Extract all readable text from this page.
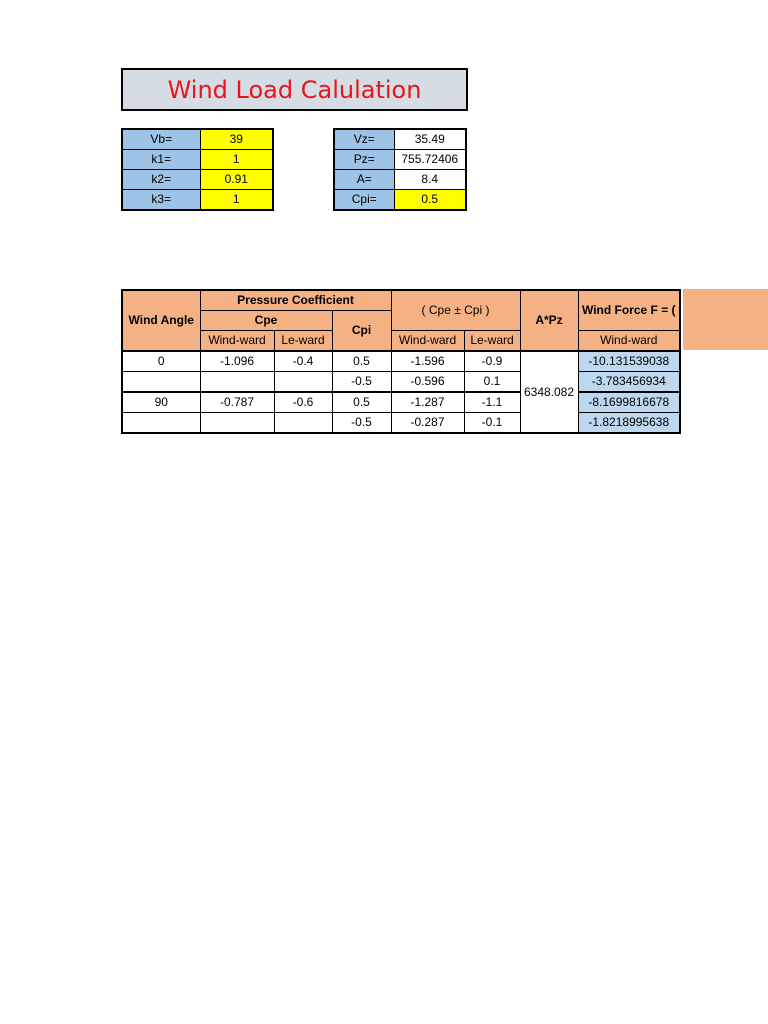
Wind Load Calulation
Vb=	39
k1=	1
k2=	0.91
k3=	1
Vz=	35.49
Pz=	755.72406
A=	8.4
Cpi=	0.5
Wind Angle	Pressure Coefficient			( Cpe ± Cpi )		A*Pz	Wind Force F = (
	Cpe		Cpi				
	Wind-ward	Le-ward		Wind-ward	Le-ward		Wind-ward
0	-1.096	-0.4	0.5	-1.596	-0.9	6348.082	-10.131539038
			-0.5	-0.596	0.1		-3.783456934
90	-0.787	-0.6	0.5	-1.287	-1.1		-8.1699816678
			-0.5	-0.287	-0.1		-1.8218995638
